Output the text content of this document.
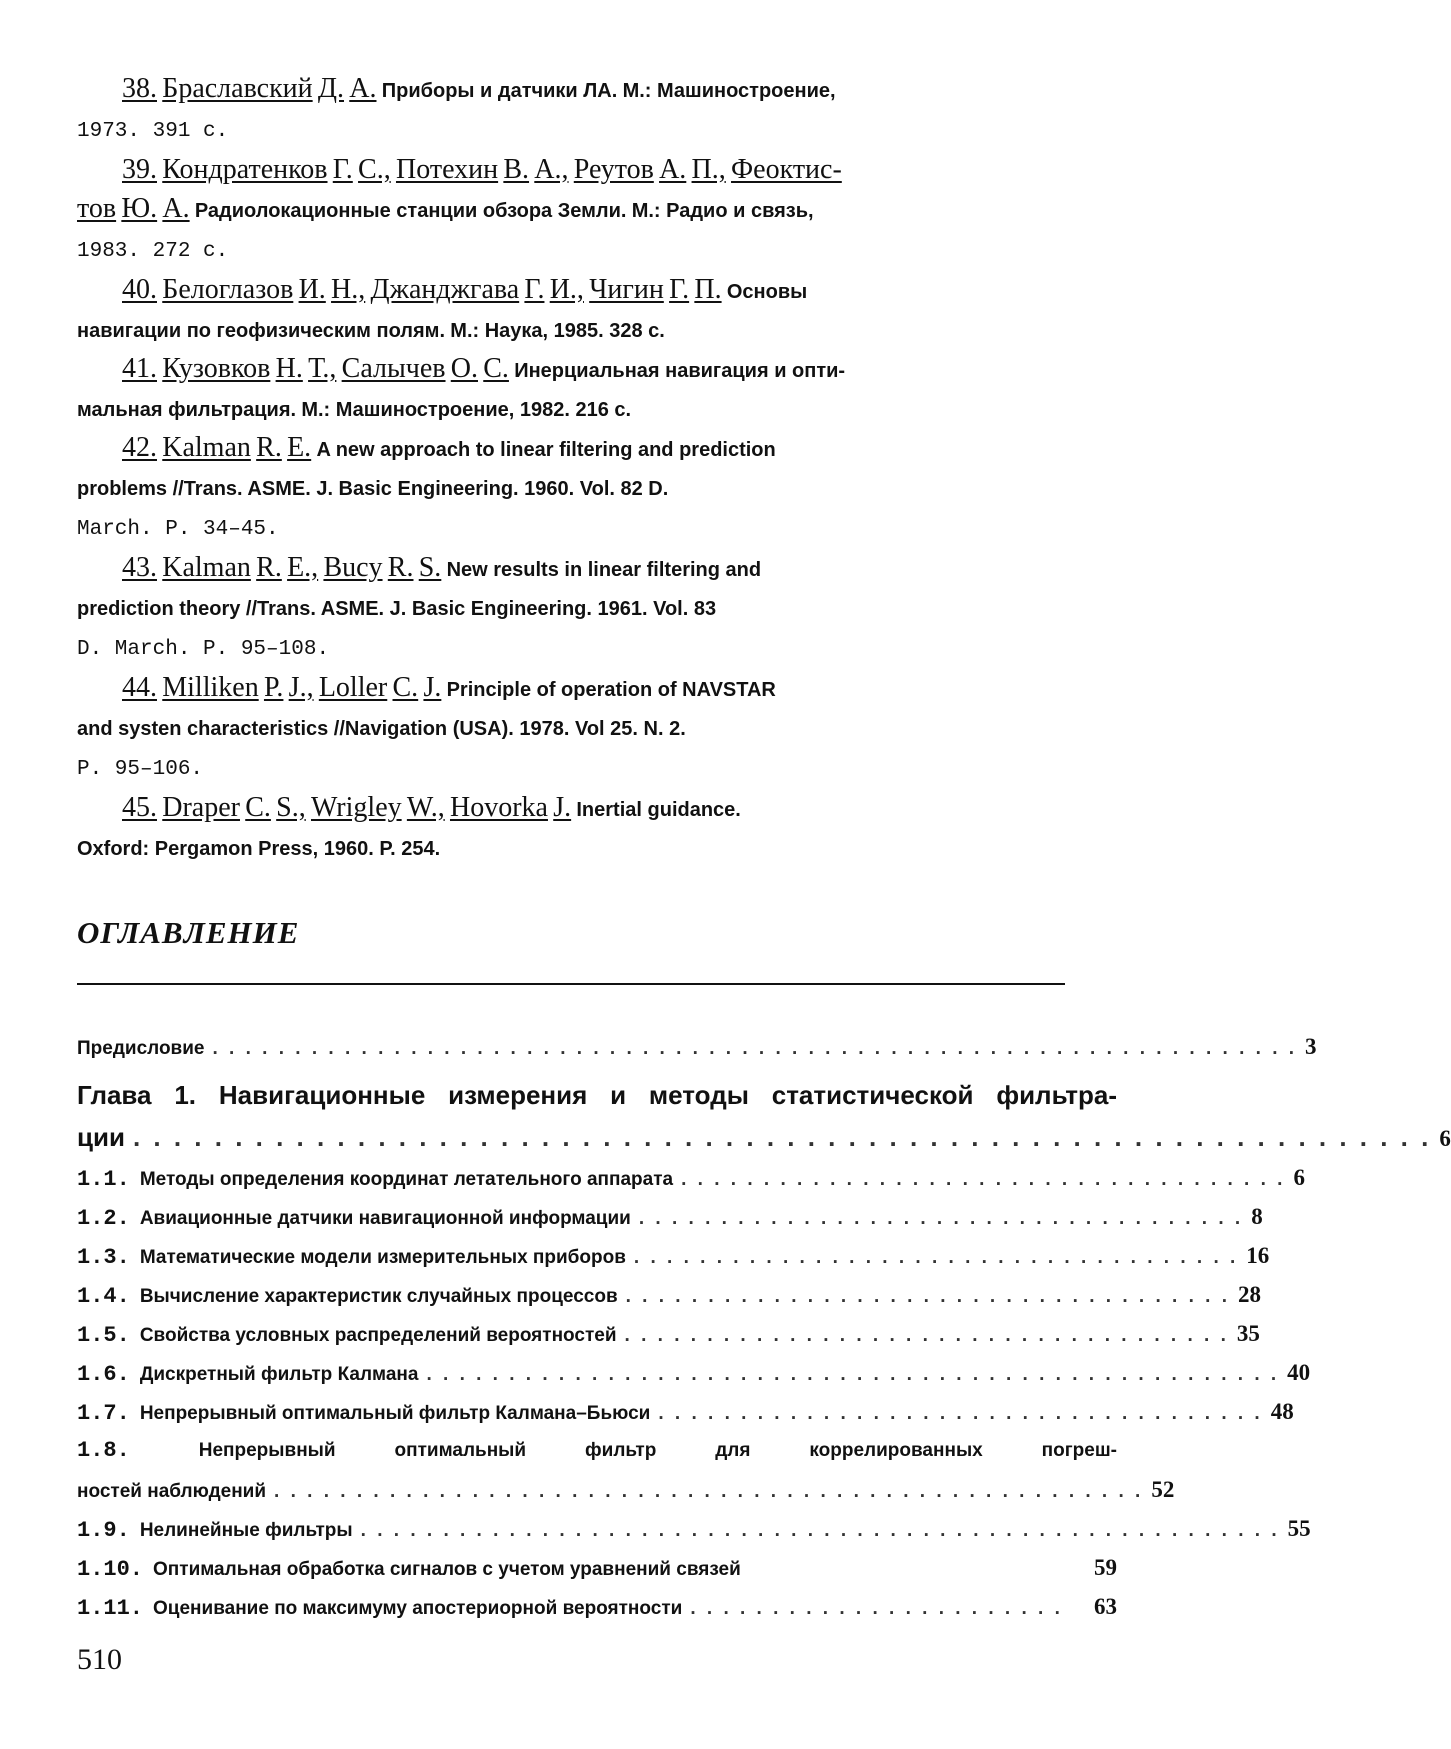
38. Браславский Д. А. Приборы и датчики ЛА. М.: Машиностроение,
1973. 391 с.

39. Кондратенков Г. С., Потехин В. А., Реутов А. П., Феоктис-
тов Ю. А. Радиолокационные станции обзора Земли. М.: Радио и связь,
1983. 272 с.

40. Белоглазов И. Н., Джанджгава Г. И., Чигин Г. П. Основы
навигации по геофизическим полям. М.: Наука, 1985. 328 с.

41. Кузовков Н. Т., Салычев О. С. Инерциальная навигация и опти-
мальная фильтрация. М.: Машиностроение, 1982. 216 с.

42. Kalman R. E. A new approach to linear filtering and prediction
problems //Trans. ASME. J. Basic Engineering. 1960. Vol. 82 D.
March. P. 34–45.

43. Kalman R. E., Bucy R. S. New results in linear filtering and
prediction theory //Trans. ASME. J. Basic Engineering. 1961. Vol. 83
D. March. P. 95–108.

44. Milliken P. J., Loller C. J. Principle of operation of NAVSTAR
and systen characteristics //Navigation (USA). 1978. Vol 25. N. 2.
P. 95–106.

45. Draper C. S., Wrigley W., Hovorka J. Inertial guidance.
Oxford: Pergamon Press, 1960. P. 254.

ОГЛАВЛЕНИЕ
Предисловие . . . . . . . . . . . . . . . . . . . . . . . . . . . . . . . . . . . . . . . . . . . . . . . . . . . . . . . . . . . . . . . . . . 3
Глава 1. Навигационные измерения и методы статистической фильтра-
ции . . . . . . . . . . . . . . . . . . . . . . . . . . . . . . . . . . . . . . . . . . . . . . . . . . . . . . . . . . . . . . . . 6
1.1. Методы определения координат летательного аппарата . . . . . . . . . . . . . . . . . . . . . . . . . . . . . . . . . . . . . 6
1.2. Авиационные датчики навигационной информации . . . . . . . . . . . . . . . . . . . . . . . . . . . . . . . . . . . . . 8
1.3. Математические модели измерительных приборов . . . . . . . . . . . . . . . . . . . . . . . . . . . . . . . . . . . . . 16
1.4. Вычисление характеристик случайных процессов . . . . . . . . . . . . . . . . . . . . . . . . . . . . . . . . . . . . . 28
1.5. Свойства условных распределений вероятностей . . . . . . . . . . . . . . . . . . . . . . . . . . . . . . . . . . . . . 35
1.6. Дискретный фильтр Калмана . . . . . . . . . . . . . . . . . . . . . . . . . . . . . . . . . . . . . . . . . . . . . . . . . . . . 40
1.7. Непрерывный оптимальный фильтр Калмана–Бьюси . . . . . . . . . . . . . . . . . . . . . . . . . . . . . . . . . . . . . 48
1.8.	Непрерывный оптимальный фильтр для коррелированных погреш-
ностей наблюдений . . . . . . . . . . . . . . . . . . . . . . . . . . . . . . . . . . . . . . . . . . . . . . . . . . . . . 52
1.9. Нелинейные фильтры . . . . . . . . . . . . . . . . . . . . . . . . . . . . . . . . . . . . . . . . . . . . . . . . . . . . . . . . 55
1.10. Оптимальная обработка сигналов с учетом уравнений связей	59
1.11. Оценивание по максимуму апостериорной вероятности . . . . . . . . . . . . . . . . . . . . . . .	63
510
